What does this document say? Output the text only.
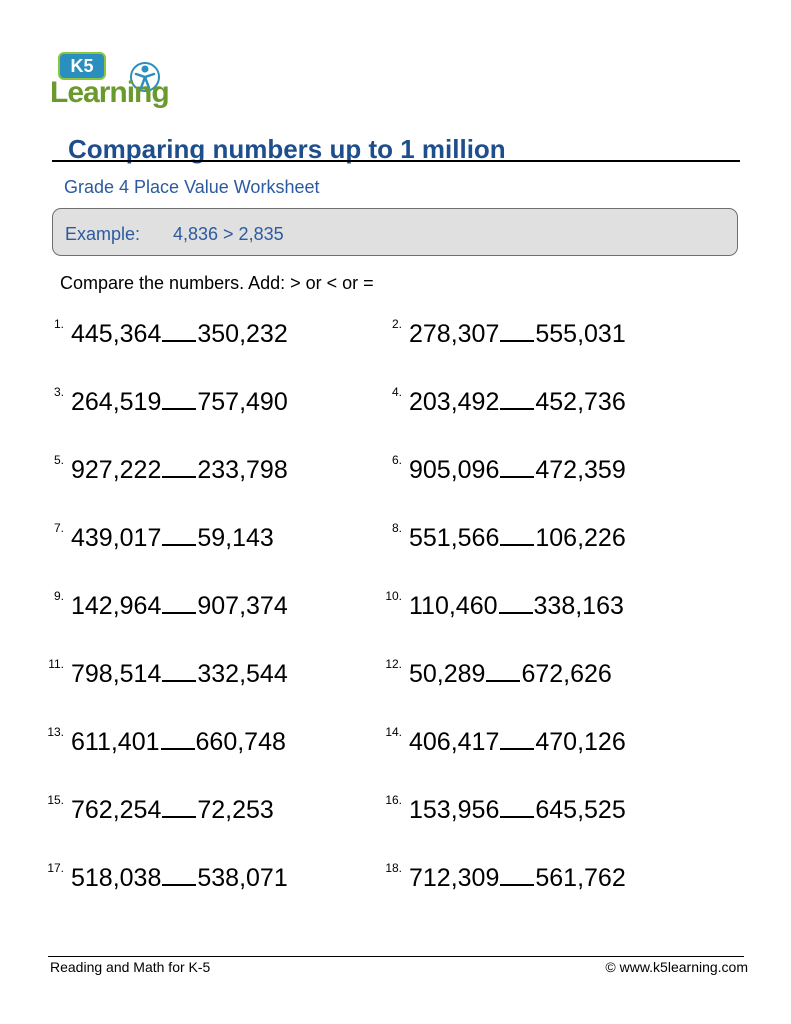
K5
Learning
Comparing numbers up to 1 million
Grade 4 Place Value Worksheet
Example: 4,836 > 2,835
Compare the numbers. Add: > or < or =
1. 445,364 350,232	2. 278,307 555,031
3. 264,519 757,490	4. 203,492 452,736
5. 927,222 233,798	6. 905,096 472,359
7. 439,017 59,143	8. 551,566 106,226
9. 142,964 907,374	10. 110,460 338,163
11. 798,514 332,544	12. 50,289 672,626
13. 611,401 660,748	14. 406,417 470,126
15. 762,254 72,253	16. 153,956 645,525
17. 518,038 538,071	18. 712,309 561,762
Reading and Math for K-5	© www.k5learning.com
